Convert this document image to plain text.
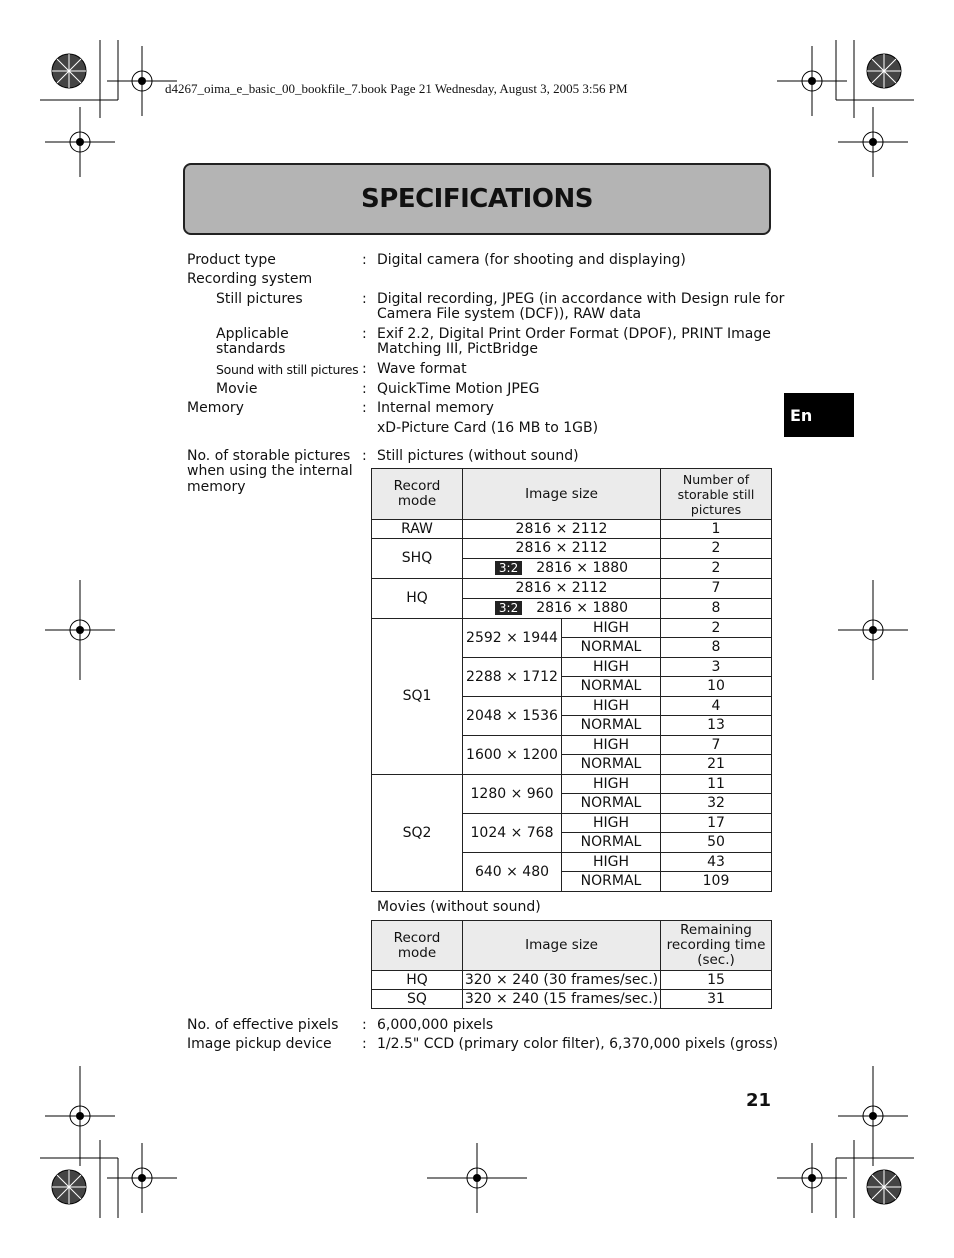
d4267_oima_e_basic_00_bookfile_7.book Page 21 Wednesday, August 3, 2005 3:56 PM
SPECIFICATIONS
En
Product type	: Digital camera (for shooting and displaying)
Recording system
Still pictures	: Digital recording, JPEG (in accordance with Design rule for
Camera File system (DCF)), RAW data
Applicable
standards
: Exif 2.2, Digital Print Order Format (DPOF), PRINT Image
Matching III, PictBridge
Sound with still pictures : Wave format
Movie	: QuickTime Motion JPEG
Memory	: Internal memory
xD-Picture Card (16 MB to 1GB)
No. of storable pictures
when using the internal
memory
: Still pictures (without sound)
Record
mode	Image size		Number of
storable still
pictures
RAW	2816 × 2112		1
SHQ	2816 × 2112		2
	3:2 2816 × 1880		2
HQ	2816 × 2112		7
	3:2 2816 × 1880		8
SQ1	2592 × 1944	HIGH	2
		NORMAL	8
	2288 × 1712	HIGH	3
		NORMAL	10
	2048 × 1536	HIGH	4
		NORMAL	13
	1600 × 1200	HIGH	7
		NORMAL	21
SQ2	1280 × 960	HIGH	11
		NORMAL	32
	1024 × 768	HIGH	17
		NORMAL	50
	640 × 480	HIGH	43
		NORMAL	109
Movies (without sound)
Record
mode	Image size	Remaining
recording time
(sec.)
HQ	320 × 240 (30 frames/sec.)	15
SQ	320 × 240 (15 frames/sec.)	31
No. of effective pixels : 6,000,000 pixels
Image pickup device : 1/2.5" CCD (primary color filter), 6,370,000 pixels (gross)
21
